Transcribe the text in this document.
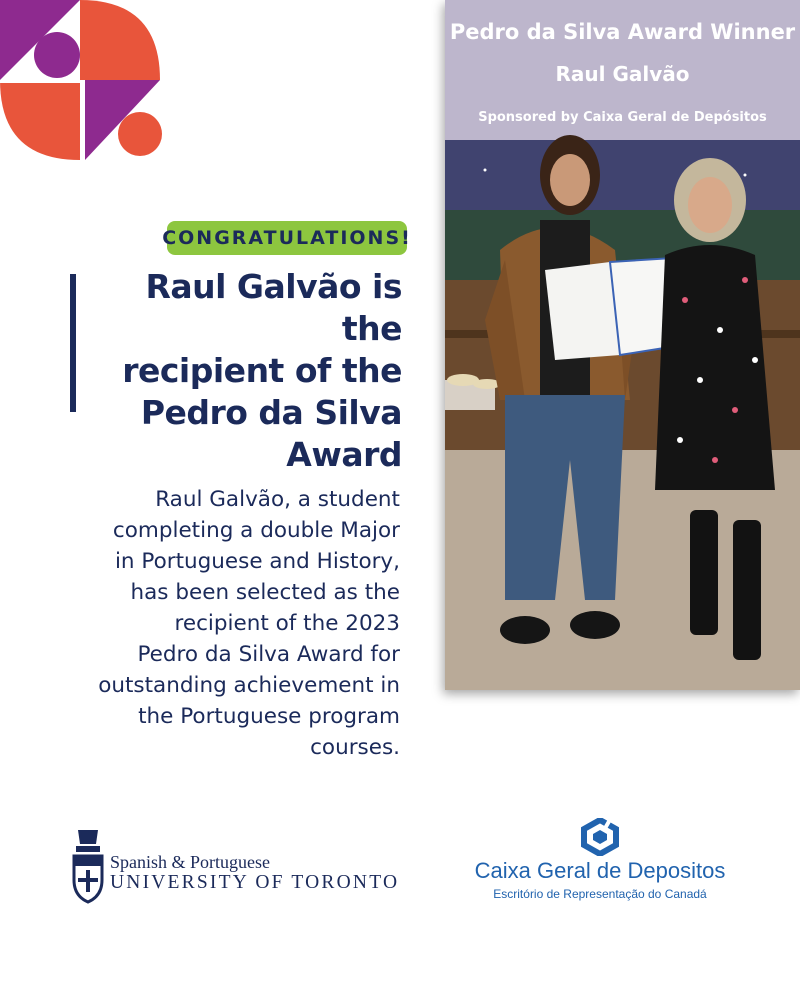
CONGRATULATIONS!
Raul Galvão is the
recipient of the
Pedro da Silva
Award
Raul Galvão, a student
completing a double Major
in Portuguese and History,
has been selected as the
recipient of the 2023
Pedro da Silva Award for
outstanding achievement in
the Portuguese program
courses.
Pedro da Silva Award Winner
Raul Galvão
Sponsored by Caixa Geral de Depósitos
Spanish & Portuguese
UNIVERSITY OF TORONTO	Caixa Geral de Depositos
Escritório de Representação do Canadá
